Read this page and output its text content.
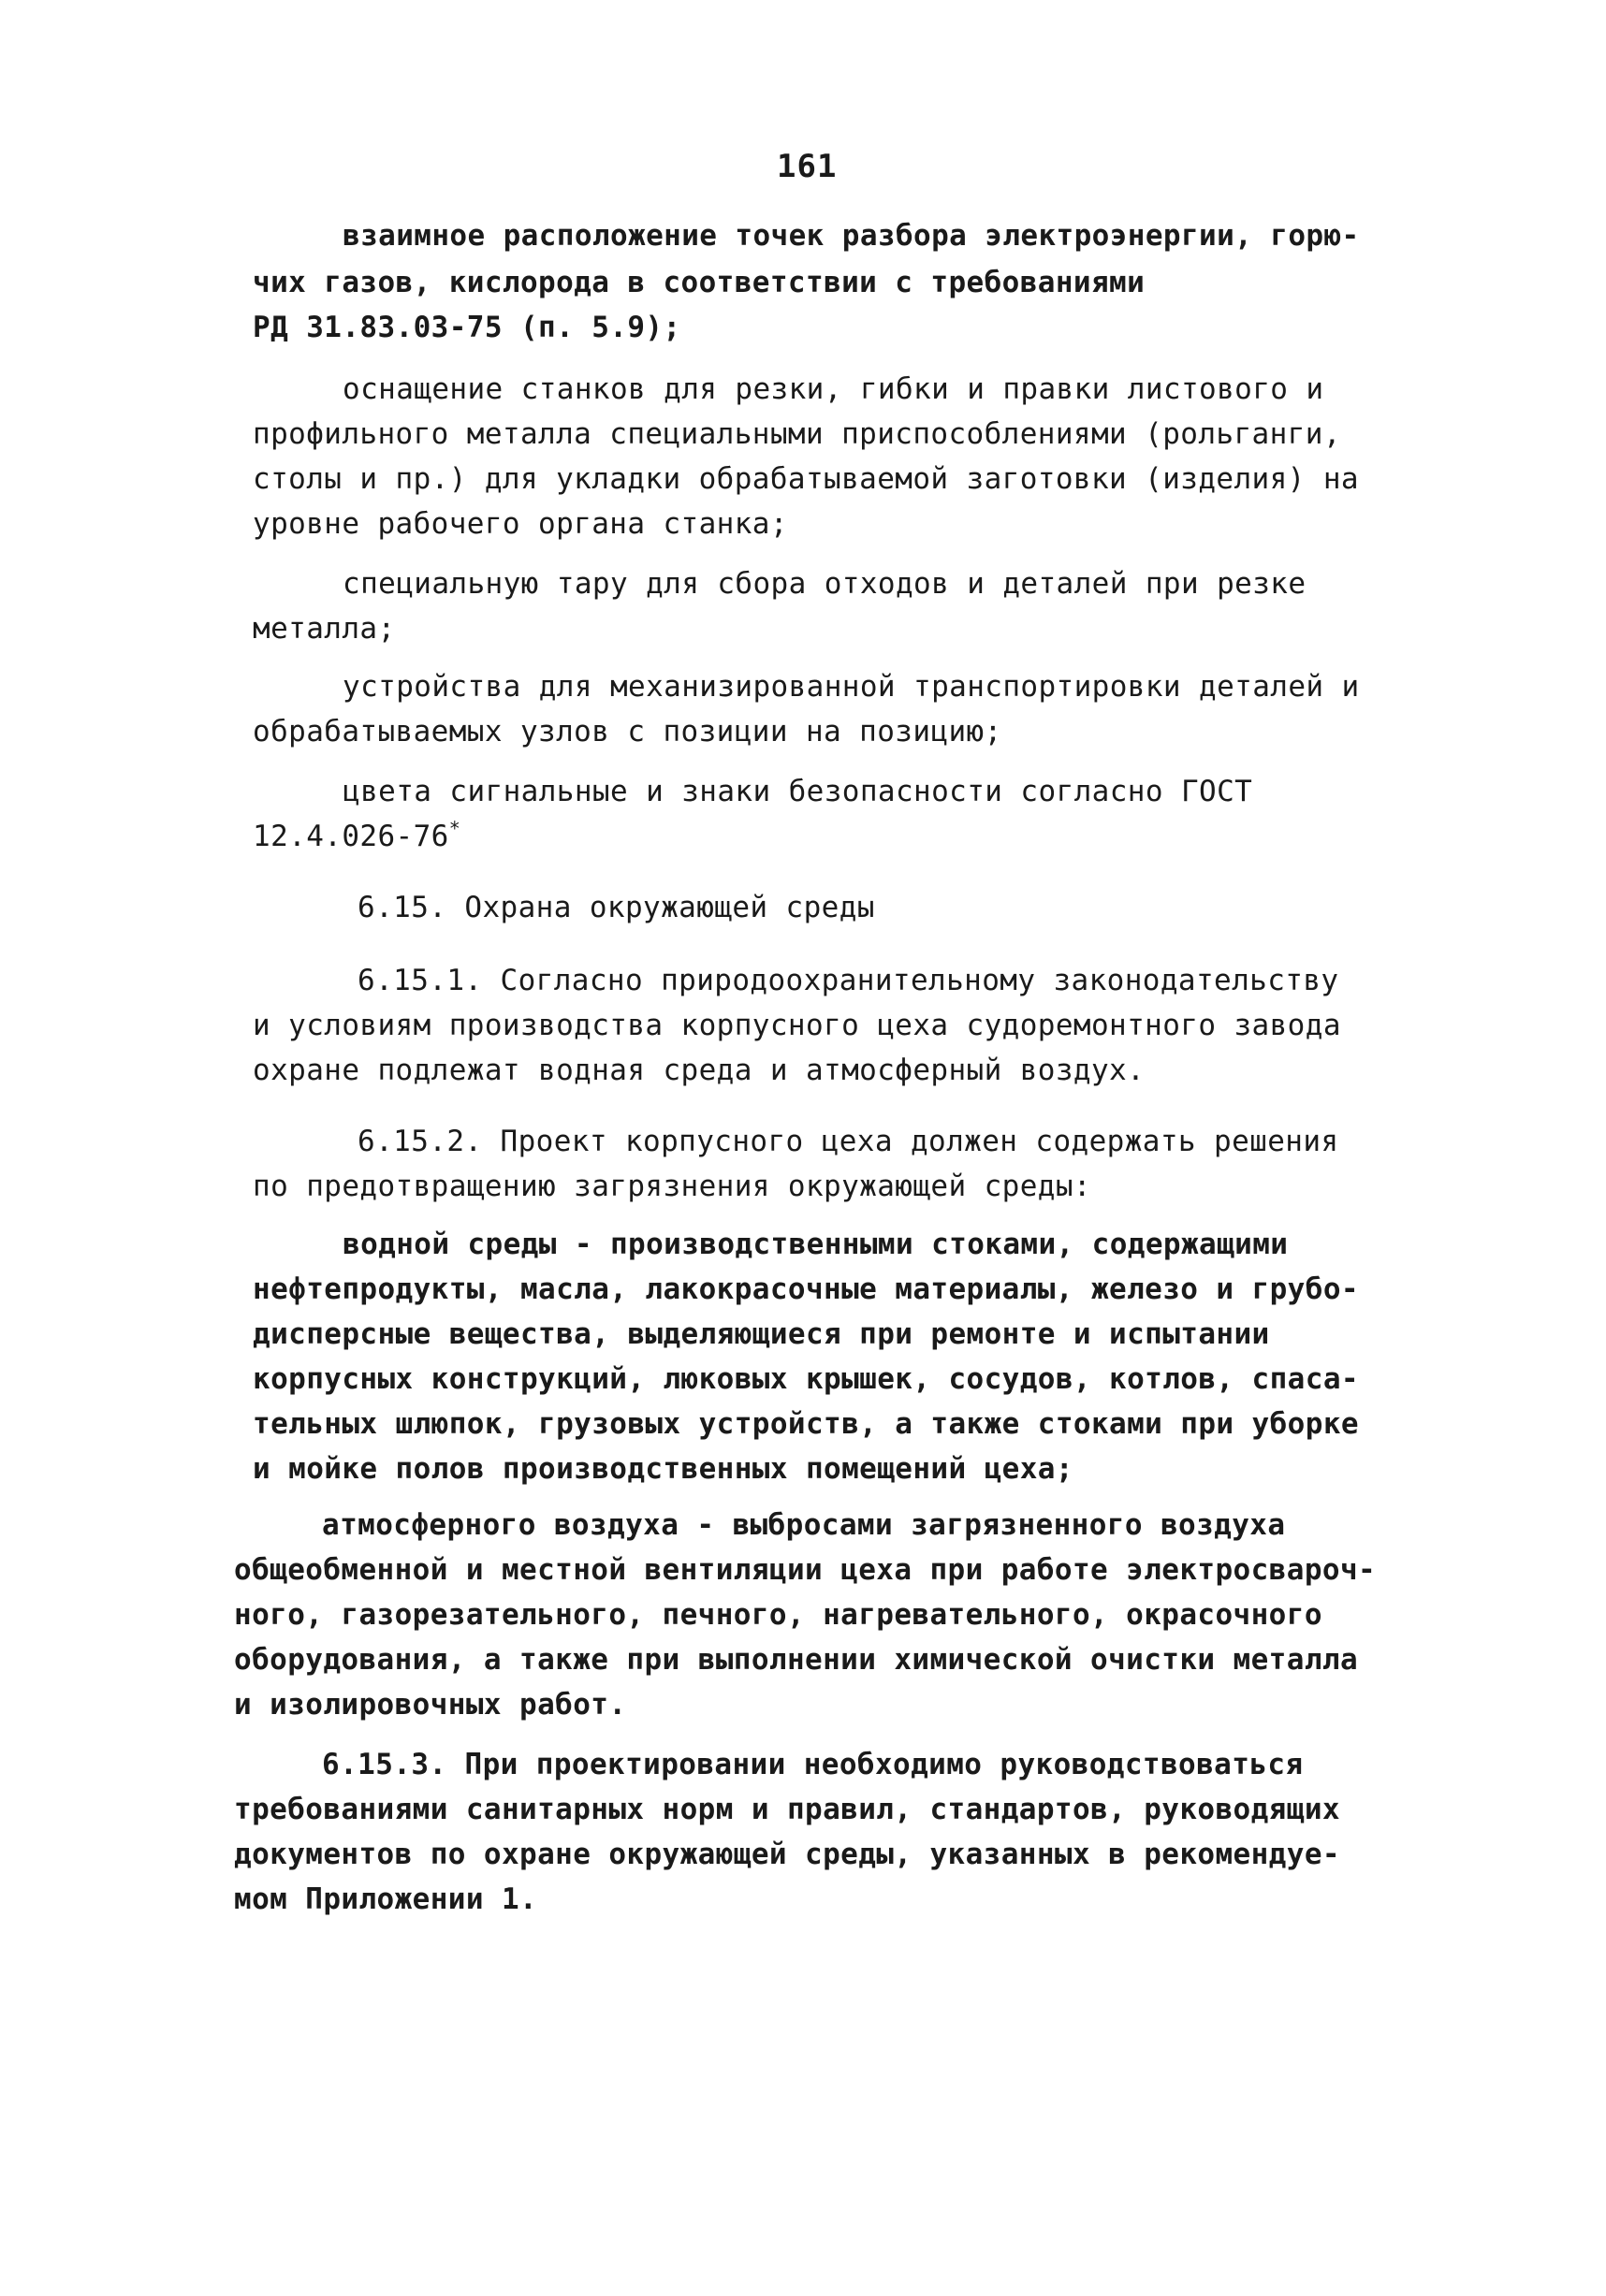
161
взаимное расположение точек разбора электроэнергии, горю-
чих газов, кислорода в соответствии с требованиями
РД 31.83.03-75 (п. 5.9);
оснащение станков для резки, гибки и правки листового и
профильного металла специальными приспособлениями (рольганги,
столы и пр.) для укладки обрабатываемой заготовки (изделия) на
уровне рабочего органа станка;
специальную тару для сбора отходов и деталей при резке
металла;
устройства для механизированной транспортировки деталей и
обрабатываемых узлов с позиции на позицию;
цвета сигнальные и знаки безопасности согласно ГОСТ
12.4.026-76*
6.15. Охрана окружающей среды
6.15.1. Согласно природоохранительному законодательству
и условиям производства корпусного цеха судоремонтного завода
охране подлежат водная среда и атмосферный воздух.
6.15.2. Проект корпусного цеха должен содержать решения
по предотвращению загрязнения окружающей среды:
водной среды - производственными стоками, содержащими
нефтепродукты, масла, лакокрасочные материалы, железо и грубо-
дисперсные вещества, выделяющиеся при ремонте и испытании
корпусных конструкций, люковых крышек, сосудов, котлов, спаса-
тельных шлюпок, грузовых устройств, а также стоками при уборке
и мойке полов производственных помещений цеха;
атмосферного воздуха - выбросами загрязненного воздуха
общеобменной и местной вентиляции цеха при работе электросвароч-
ного, газорезательного, печного, нагревательного, окрасочного
оборудования, а также при выполнении химической очистки металла
и изолировочных работ.
6.15.3. При проектировании необходимо руководствоваться
требованиями санитарных норм и правил, стандартов, руководящих
документов по охране окружающей среды, указанных в рекомендуе-
мом Приложении 1.
